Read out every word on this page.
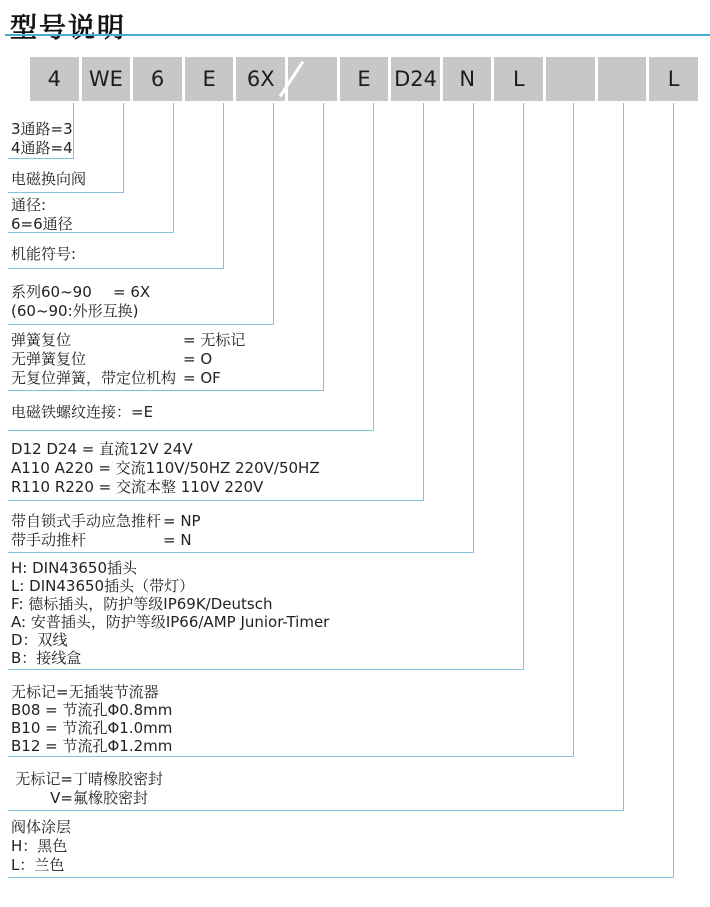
型号说明
4 WE 6 E 6X	E D24 N L	L
3通路=3
4通路=4
电磁换向阀
通径:
6=6通径
机能符号:
系列60~90	= 6X
(60~90:外形互换)
弹簧复位	= 无标记
无弹簧复位	= O
无复位弹簧，带定位机构 = OF
电磁铁螺纹连接：=E
D12 D24 = 直流12V 24V
A110 A220 = 交流110V/50HZ 220V/50HZ
R110 R220 = 交流本整 110V 220V
带自锁式手动应急推杆 = NP
带手动推杆	= N
H: DIN43650插头
L: DIN43650插头（带灯）
F: 德标插头，防护等级IP69K/Deutsch
A: 安普插头，防护等级IP66/AMP Junior-Timer
D：双线
B：接线盒
无标记=无插装节流器
B08 = 节流孔Φ0.8mm
B10 = 节流孔Φ1.0mm
B12 = 节流孔Φ1.2mm
无标记= 丁晴橡胶密封
V= 氟橡胶密封
阀体涂层
H：黑色
L：兰色
